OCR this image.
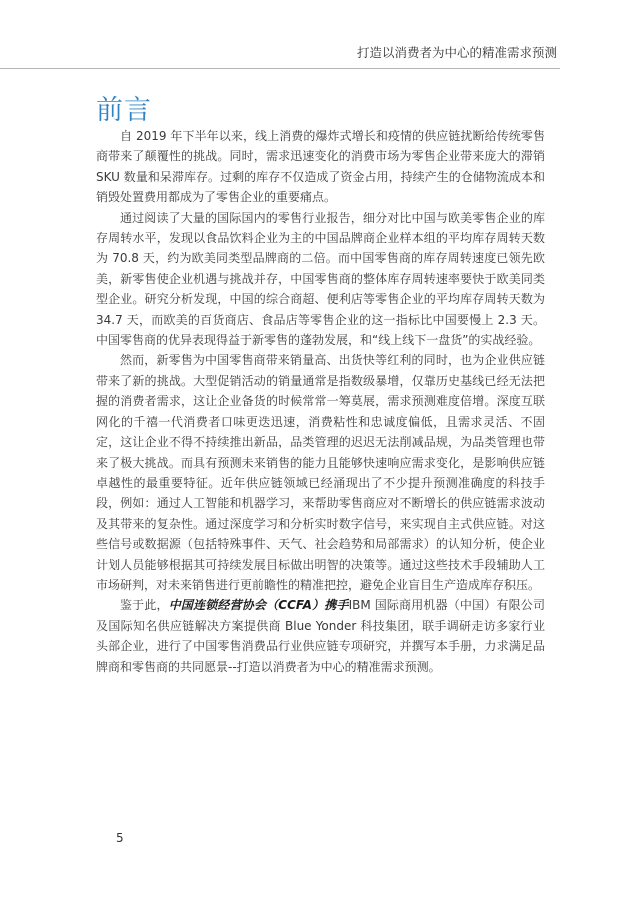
打造以消费者为中心的精准需求预测
前言

自 2019 年下半年以来，线上消费的爆炸式增长和疫情的供应链扰断给传统零售商带来了颠覆性的挑战。同时，需求迅速变化的消费市场为零售企业带来庞大的滞销 SKU 数量和呆滞库存。过剩的库存不仅造成了资金占用，持续产生的仓储物流成本和销毁处置费用都成为了零售企业的重要痛点。

通过阅读了大量的国际国内的零售行业报告，细分对比中国与欧美零售企业的库存周转水平，发现以食品饮料企业为主的中国品牌商企业样本组的平均库存周转天数为 70.8 天，约为欧美同类型品牌商的二倍。而中国零售商的库存周转速度已领先欧美，新零售使企业机遇与挑战并存，中国零售商的整体库存周转速率要快于欧美同类型企业。研究分析发现，中国的综合商超、便利店等零售企业的平均库存周转天数为 34.7 天，而欧美的百货商店、食品店等零售企业的这一指标比中国要慢上 2.3 天。中国零售商的优异表现得益于新零售的蓬勃发展，和“线上线下一盘货”的实战经验。

然而，新零售为中国零售商带来销量高、出货快等红利的同时，也为企业供应链带来了新的挑战。大型促销活动的销量通常是指数级暴增，仅靠历史基线已经无法把握的消费者需求，这让企业备货的时候常常一筹莫展，需求预测难度倍增。深度互联网化的千禧一代消费者口味更迭迅速，消费粘性和忠诚度偏低，且需求灵活、不固定，这让企业不得不持续推出新品，品类管理的迟迟无法削减品规，为品类管理也带来了极大挑战。而具有预测未来销售的能力且能够快速响应需求变化，是影响供应链卓越性的最重要特征。近年供应链领域已经涌现出了不少提升预测准确度的科技手段，例如：通过人工智能和机器学习，来帮助零售商应对不断增长的供应链需求波动及其带来的复杂性。通过深度学习和分析实时数字信号，来实现自主式供应链。对这些信号或数据源（包括特殊事件、天气、社会趋势和局部需求）的认知分析，使企业计划人员能够根据其可持续发展目标做出明智的决策等。通过这些技术手段辅助人工市场研判，对未来销售进行更前瞻性的精准把控，避免企业盲目生产造成库存积压。

鉴于此，中国连锁经营协会（CCFA）携手IBM 国际商用机器（中国）有限公司及国际知名供应链解决方案提供商 Blue Yonder 科技集团，联手调研走访多家行业头部企业，进行了中国零售消费品行业供应链专项研究，并撰写本手册，力求满足品牌商和零售商的共同愿景--打造以消费者为中心的精准需求预测。

5
